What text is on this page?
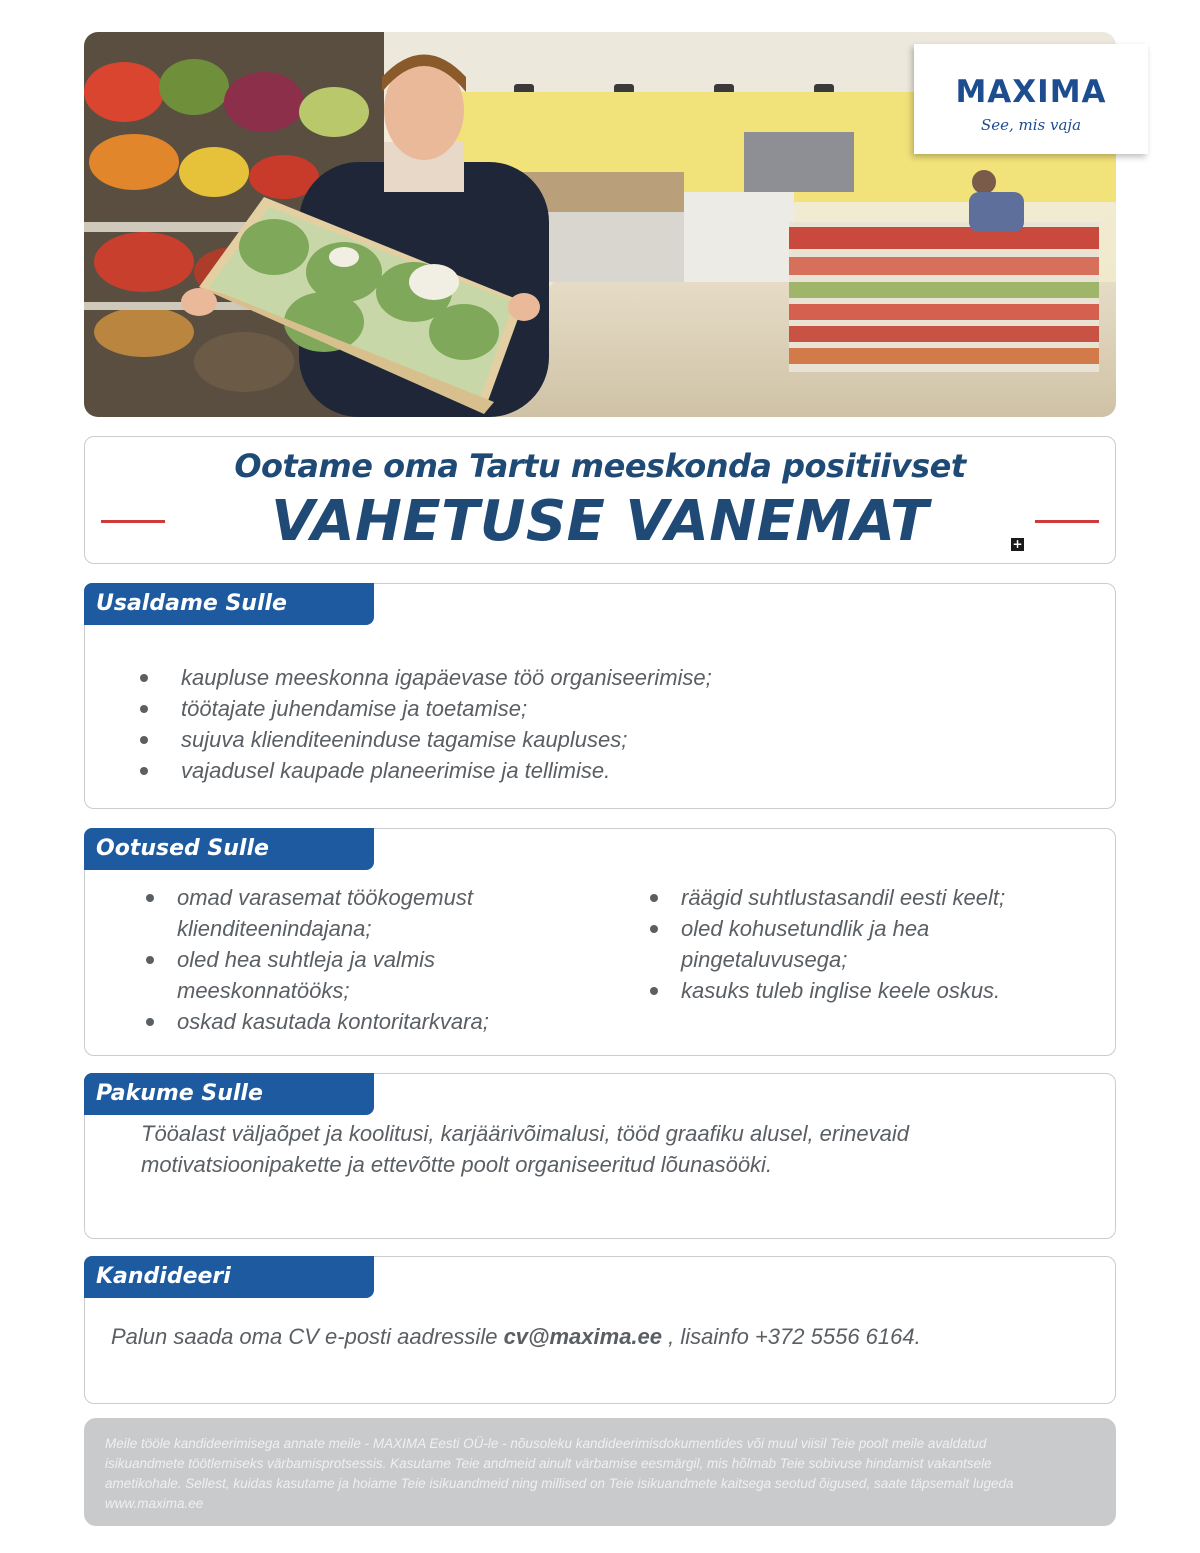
MAXIMA
See, mis vaja
Ootame oma Tartu meeskonda positiivset
VAHETUSE VANEMAT	+
Usaldame Sulle
kaupluse meeskonna igapäevase töö organiseerimise;
töötajate juhendamise ja toetamise;
sujuva klienditeeninduse tagamise kaupluses;
vajadusel kaupade planeerimise ja tellimise.
Ootused Sulle
omad varasemat töökogemust klienditeenindajana;
oled hea suhtleja ja valmis meeskonnatööks;
oskad kasutada kontoritarkvara;
räägid suhtlustasandil eesti keelt;
oled kohusetundlik ja hea pingetaluvusega;
kasuks tuleb inglise keele oskus.
Pakume Sulle
Tööalast väljaõpet ja koolitusi, karjäärivõimalusi, tööd graafiku alusel, erinevaid motivatsioonipakette ja ettevõtte poolt organiseeritud lõunasööki.
Kandideeri
Palun saada oma CV e-posti aadressile cv@maxima.ee , lisainfo +372 5556 6164.
Meile tööle kandideerimisega annate meile - MAXIMA Eesti OÜ-le - nõusoleku kandideerimisdokumentides või muul viisil Teie poolt meile avaldatud isikuandmete töötlemiseks värbamisprotsessis. Kasutame Teie andmeid ainult värbamise eesmärgil, mis hõlmab Teie sobivuse hindamist vakantsele ametikohale. Sellest, kuidas kasutame ja hoiame Teie isikuandmeid ning millised on Teie isikuandmete kaitsega seotud õigused, saate täpsemalt lugeda www.maxima.ee
